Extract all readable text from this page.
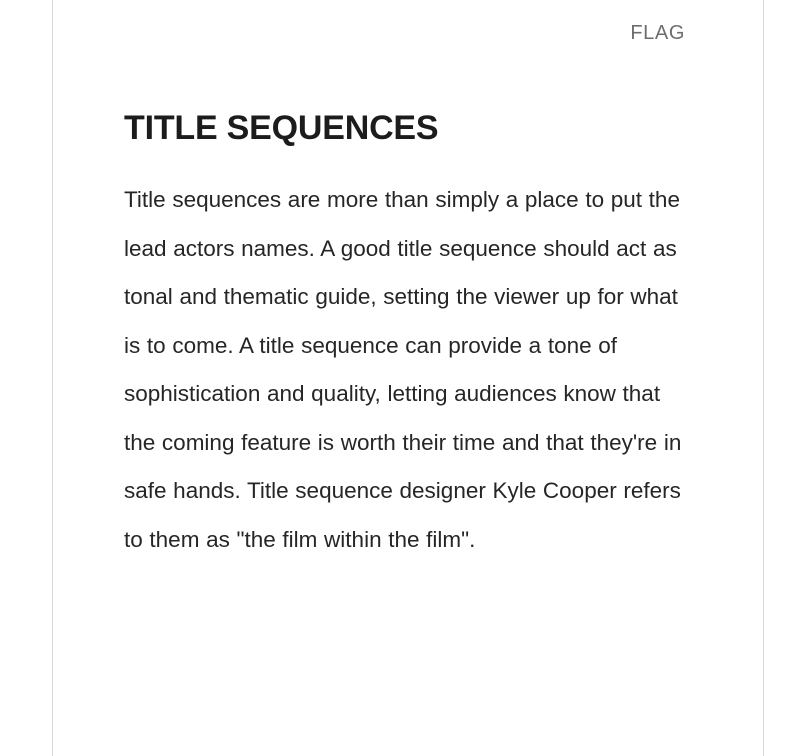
FLAG
TITLE SEQUENCES

Title sequences are more than simply a place to put the lead actors names. A good title sequence should act as tonal and thematic guide, setting the viewer up for what is to come. A title sequence can provide a tone of sophistication and quality, letting audiences know that the coming feature is worth their time and that they're in safe hands. Title sequence designer Kyle Cooper refers to them as "the film within the film".
